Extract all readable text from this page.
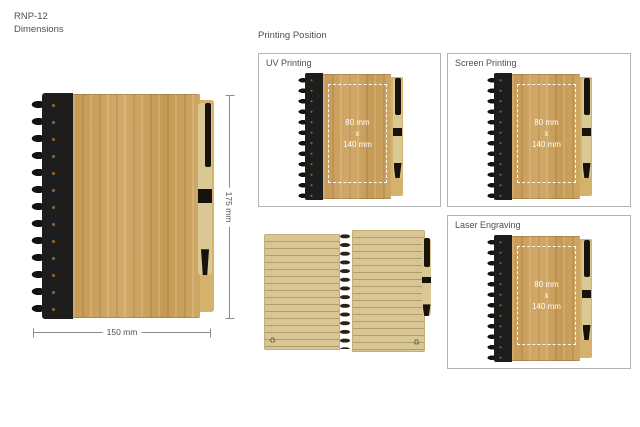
RNP-12
Dimensions
175 mm
150 mm
Printing Position
UV Printing
80 mm
x
140 mm
Screen Printing
80 mm
x
140 mm
Laser Engraving
80 mm
x
140 mm
♻	♻
